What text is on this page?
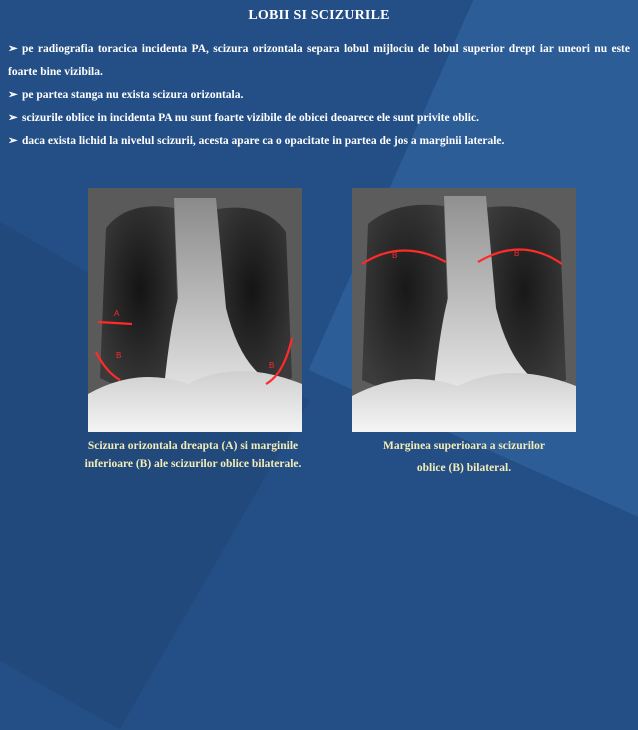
LOBII SI SCIZURILE
➢ pe radiografia toracica incidenta PA, scizura orizontala separa lobul mijlociu de lobul superior drept iar uneori nu este foarte bine vizibila.
➢ pe partea stanga nu exista scizura orizontala.
➢ scizurile oblice in incidenta PA nu sunt foarte vizibile de obicei deoarece ele sunt privite oblic.
➢ daca exista lichid la nivelul scizurii, acesta apare ca o opacitate in partea de jos a marginii laterale.
A
B
B
B	B
Scizura orizontala dreapta (A) si marginile
inferioare (B) ale scizurilor oblice bilaterale.
Marginea superioara a scizurilor
oblice (B) bilateral.
